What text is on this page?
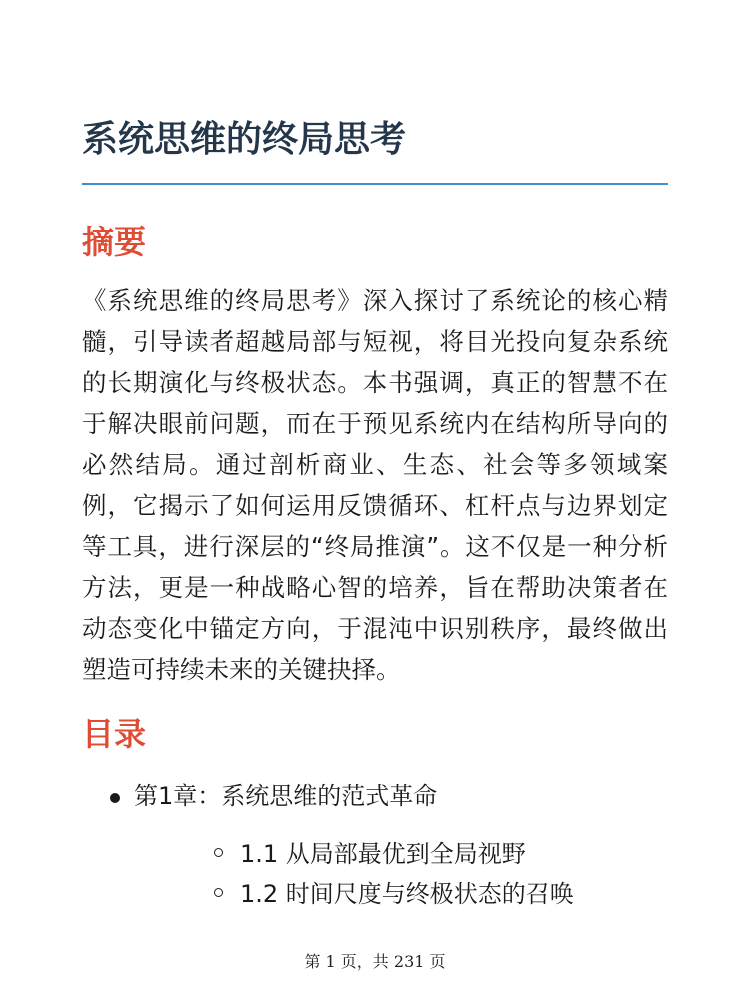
系统思维的终局思考
摘要

《系统思维的终局思考》深入探讨了系统论的核心精髓，引导读者超越局部与短视，将目光投向复杂系统的长期演化与终极状态。本书强调，真正的智慧不在于解决眼前问题，而在于预见系统内在结构所导向的必然结局。通过剖析商业、生态、社会等多领域案例，它揭示了如何运用反馈循环、杠杆点与边界划定等工具，进行深层的“终局推演”。这不仅是一种分析方法，更是一种战略心智的培养，旨在帮助决策者在动态变化中锚定方向，于混沌中识别秩序，最终做出塑造可持续未来的关键抉择。

目录
第1章：系统思维的范式革命
1.1 从局部最优到全局视野
1.2 时间尺度与终极状态的召唤
第 1 页，共 231 页
